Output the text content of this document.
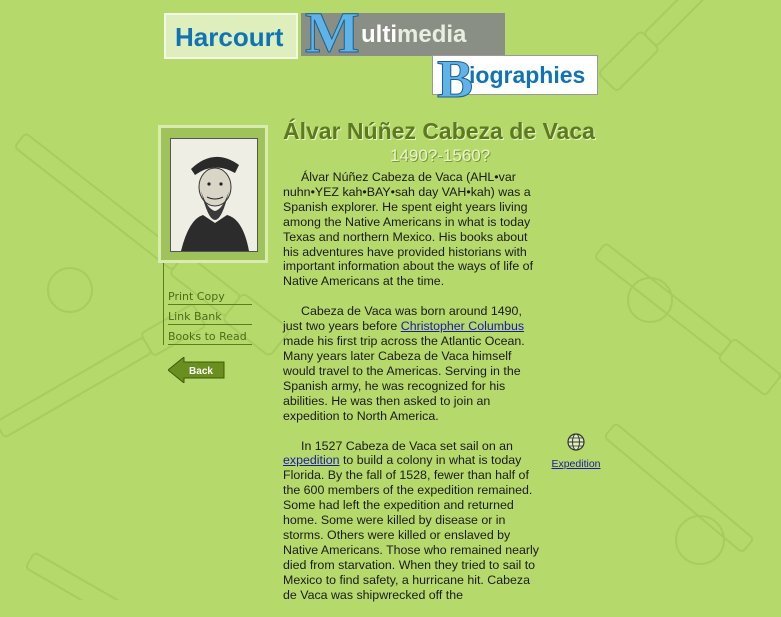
Harcourt M ultimedia
B
iographies
Print Copy
Link Bank
Books to Read
Back
Álvar Núñez Cabeza de Vaca
1490?-1560?

Álvar Núñez Cabeza de Vaca (AHL•var nuhn•YEZ kah•BAY•sah day VAH•kah) was a Spanish explorer. He spent eight years living among the Native Americans in what is today Texas and northern Mexico. His books about his adventures have provided historians with important information about the ways of life of Native Americans at the time.

Cabeza de Vaca was born around 1490, just two years before Christopher Columbus made his first trip across the Atlantic Ocean. Many years later Cabeza de Vaca himself would travel to the Americas. Serving in the Spanish army, he was recognized for his abilities. He was then asked to join an expedition to North America.

In 1527 Cabeza de Vaca set sail on an expedition to build a colony in what is today Florida. By the fall of 1528, fewer than half of the 600 members of the expedition remained. Some had left the expedition and returned home. Some were killed by disease or in storms. Others were killed or enslaved by Native Americans. Those who remained nearly died from starvation. When they tried to sail to Mexico to find safety, a hurricane hit. Cabeza de Vaca was shipwrecked off the

Expedition
